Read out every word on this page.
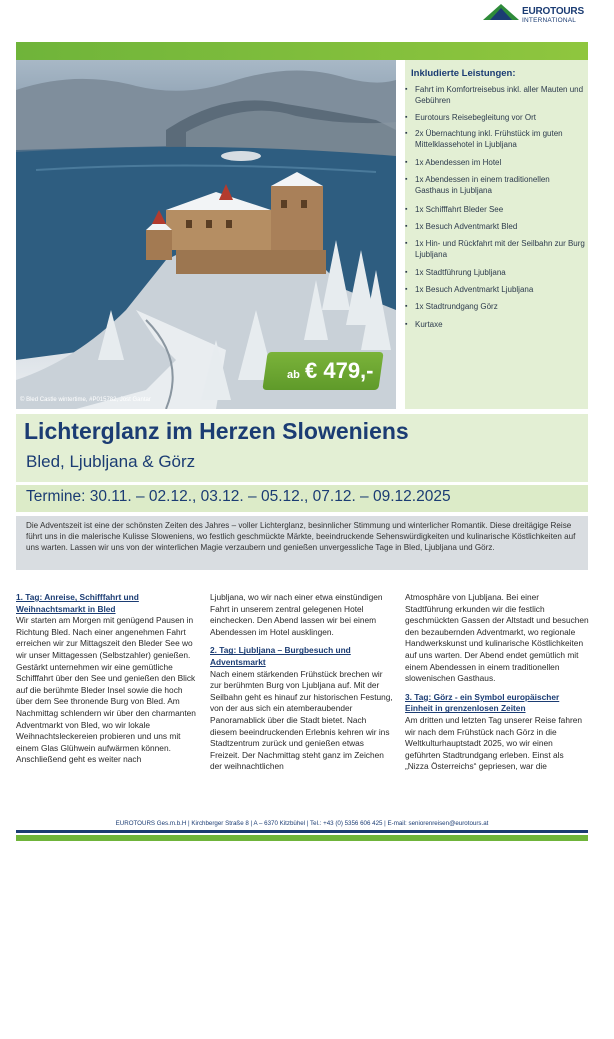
EUROTOURS
INTERNATIONAL
© Bled Castle wintertime, #P015782, Jost Gantar
ab € 479,-
▪ Fahrt im Komfortreisebus inkl. aller Mauten und Gebühren
▪ Eurotours Reisebegleitung vor Ort
▪ 2x Übernachtung inkl. Frühstück im guten Mittelklassehotel in Ljubljana
▪ 1x Abendessen im Hotel
▪ 1x Abendessen in einem traditionellen Gasthaus in Ljubljana
▪ 1x Schifffahrt Bleder See
▪ 1x Besuch Adventmarkt Bled
▪ 1x Hin- und Rückfahrt mit der Seilbahn zur Burg Ljubljana
▪ 1x Stadtführung Ljubljana
▪ 1x Besuch Adventmarkt Ljubljana
▪ 1x Stadtrundgang Görz
▪ Kurtaxe
Inkludierte Leistungen:
Lichterglanz im Herzen Sloweniens
Bled, Ljubljana & Görz
Termine: 30.11. – 02.12., 03.12. – 05.12., 07.12. – 09.12.2025
Die Adventszeit ist eine der schönsten Zeiten des Jahres – voller Lichterglanz, besinnlicher Stimmung und winterlicher Romantik. Diese dreitägige Reise führt uns in die malerische Kulisse Sloweniens, wo festlich geschmückte Märkte, beeindruckende Sehenswürdigkeiten und kulinarische Köstlichkeiten auf uns warten. Lassen wir uns von der winterlichen Magie verzaubern und genießen unvergessliche Tage in Bled, Ljubljana und Görz.

1. Tag: Anreise, Schifffahrt und Weihnachtsmarkt in Bled

Wir starten am Morgen mit genügend Pausen in Richtung Bled. Nach einer angenehmen Fahrt erreichen wir zur Mittagszeit den Bleder See wo wir unser Mittagessen (Selbstzahler) genießen. Gestärkt unternehmen wir eine gemütliche Schifffahrt über den See und genießen den Blick auf die berühmte Bleder Insel sowie die hoch über dem See thronende Burg von Bled. Am Nachmittag schlendern wir über den charmanten Adventmarkt von Bled, wo wir lokale Weihnachtsleckereien probieren und uns mit einem Glas Glühwein aufwärmen können. Anschließend geht es weiter nach

Ljubljana, wo wir nach einer etwa einstündigen Fahrt in unserem zentral gelegenen Hotel einchecken. Den Abend lassen wir bei einem Abendessen im Hotel ausklingen.

2. Tag: Ljubljana – Burgbesuch und Adventsmarkt

Nach einem stärkenden Frühstück brechen wir zur berühmten Burg von Ljubljana auf. Mit der Seilbahn geht es hinauf zur historischen Festung, von der aus sich ein atemberaubender Panoramablick über die Stadt bietet. Nach diesem beeindruckenden Erlebnis kehren wir ins Stadtzentrum zurück und genießen etwas Freizeit. Der Nachmittag steht ganz im Zeichen der weihnachtlichen

Atmosphäre von Ljubljana. Bei einer Stadtführung erkunden wir die festlich geschmückten Gassen der Altstadt und besuchen den bezaubernden Adventmarkt, wo regionale Handwerkskunst und kulinarische Köstlichkeiten auf uns warten. Der Abend endet gemütlich mit einem Abendessen in einem traditionellen slowenischen Gasthaus.

3. Tag: Görz - ein Symbol europäischer Einheit in grenzenlosen Zeiten

Am dritten und letzten Tag unserer Reise fahren wir nach dem Frühstück nach Görz in die Weltkulturhauptstadt 2025, wo wir einen geführten Stadtrundgang erleben. Einst als „Nizza Österreichs“ gepriesen, war die

EUROTOURS Ges.m.b.H | Kirchberger Straße 8 | A – 6370 Kitzbühel | Tel.: +43 (0) 5356 606 425 | E-mail: seniorenreisen@eurotours.at
